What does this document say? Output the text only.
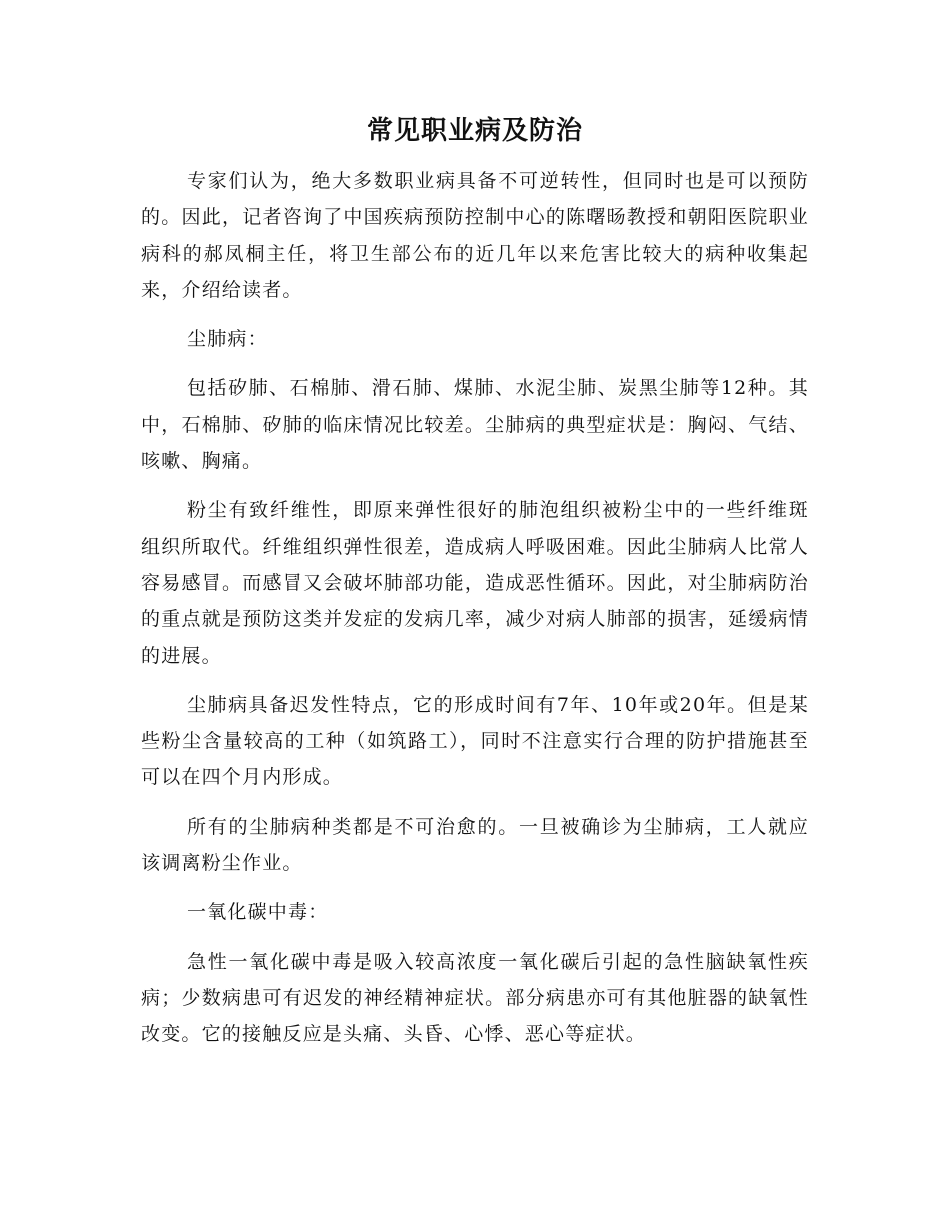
常见职业病及防治

专家们认为，绝大多数职业病具备不可逆转性，但同时也是可以预防的。因此，记者咨询了中国疾病预防控制中心的陈曙旸教授和朝阳医院职业病科的郝凤桐主任，将卫生部公布的近几年以来危害比较大的病种收集起来，介绍给读者。

尘肺病：

包括矽肺、石棉肺、滑石肺、煤肺、水泥尘肺、炭黑尘肺等12种。其中，石棉肺、矽肺的临床情况比较差。尘肺病的典型症状是：胸闷、气结、咳嗽、胸痛。

粉尘有致纤维性，即原来弹性很好的肺泡组织被粉尘中的一些纤维斑组织所取代。纤维组织弹性很差，造成病人呼吸困难。因此尘肺病人比常人容易感冒。而感冒又会破坏肺部功能，造成恶性循环。因此，对尘肺病防治的重点就是预防这类并发症的发病几率，减少对病人肺部的损害，延缓病情的进展。

尘肺病具备迟发性特点，它的形成时间有7年、10年或20年。但是某些粉尘含量较高的工种（如筑路工），同时不注意实行合理的防护措施甚至可以在四个月内形成。

所有的尘肺病种类都是不可治愈的。一旦被确诊为尘肺病，工人就应该调离粉尘作业。

一氧化碳中毒：

急性一氧化碳中毒是吸入较高浓度一氧化碳后引起的急性脑缺氧性疾病；少数病患可有迟发的神经精神症状。部分病患亦可有其他脏器的缺氧性改变。它的接触反应是头痛、头昏、心悸、恶心等症状。
